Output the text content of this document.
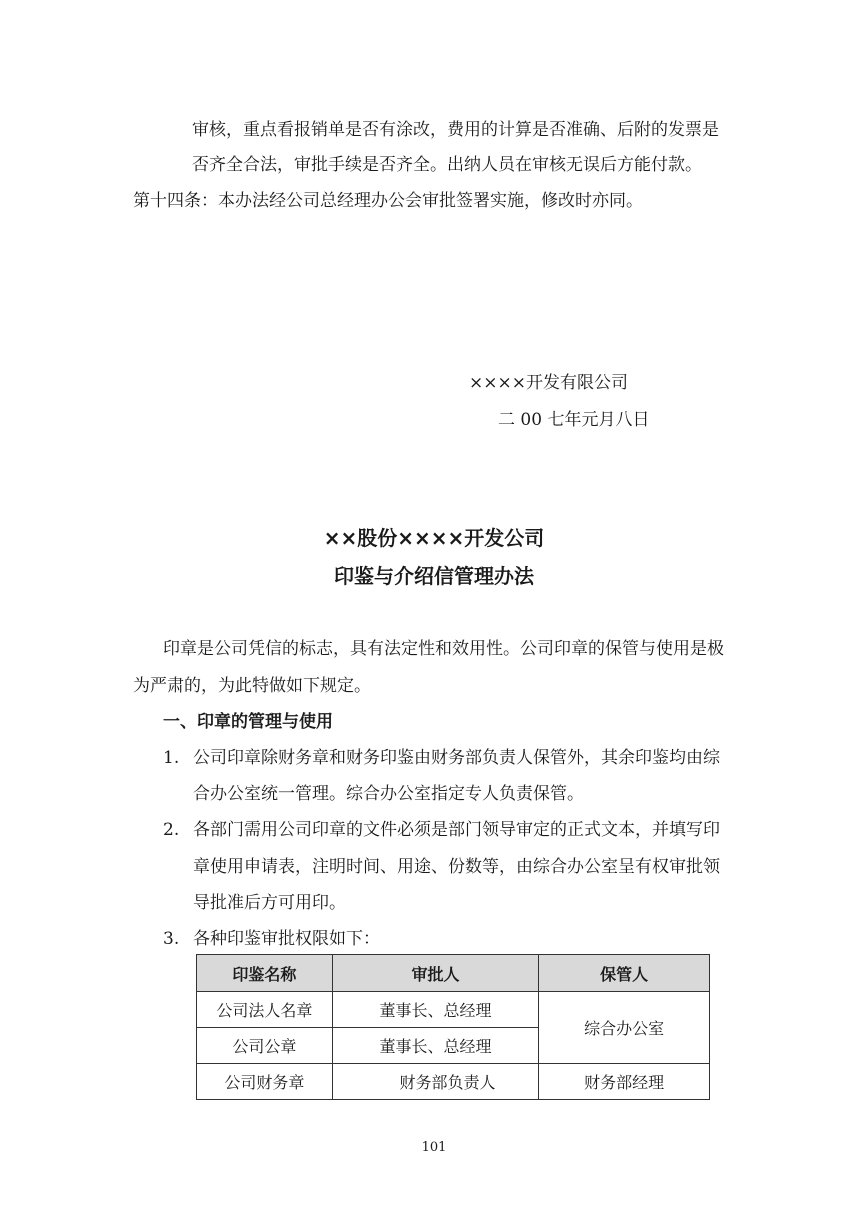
审核，重点看报销单是否有涂改，费用的计算是否准确、后附的发票是
否齐全合法，审批手续是否齐全。出纳人员在审核无误后方能付款。
第十四条：本办法经公司总经理办公会审批签署实施，修改时亦同。
××××开发有限公司
二 00 七年元月八日
××股份××××开发公司
印鉴与介绍信管理办法
印章是公司凭信的标志，具有法定性和效用性。公司印章的保管与使用是极
为严肃的，为此特做如下规定。
一、印章的管理与使用
1. 公司印章除财务章和财务印鉴由财务部负责人保管外，其余印鉴均由综
合办公室统一管理。综合办公室指定专人负责保管。
2. 各部门需用公司印章的文件必须是部门领导审定的正式文本，并填写印
章使用申请表，注明时间、用途、份数等，由综合办公室呈有权审批领
导批准后方可用印。
3. 各种印鉴审批权限如下：
印鉴名称	审批人	保管人
公司法人名章	董事长、总经理	综合办公室
公司公章	董事长、总经理	
公司财务章	财务部负责人	财务部经理
101
